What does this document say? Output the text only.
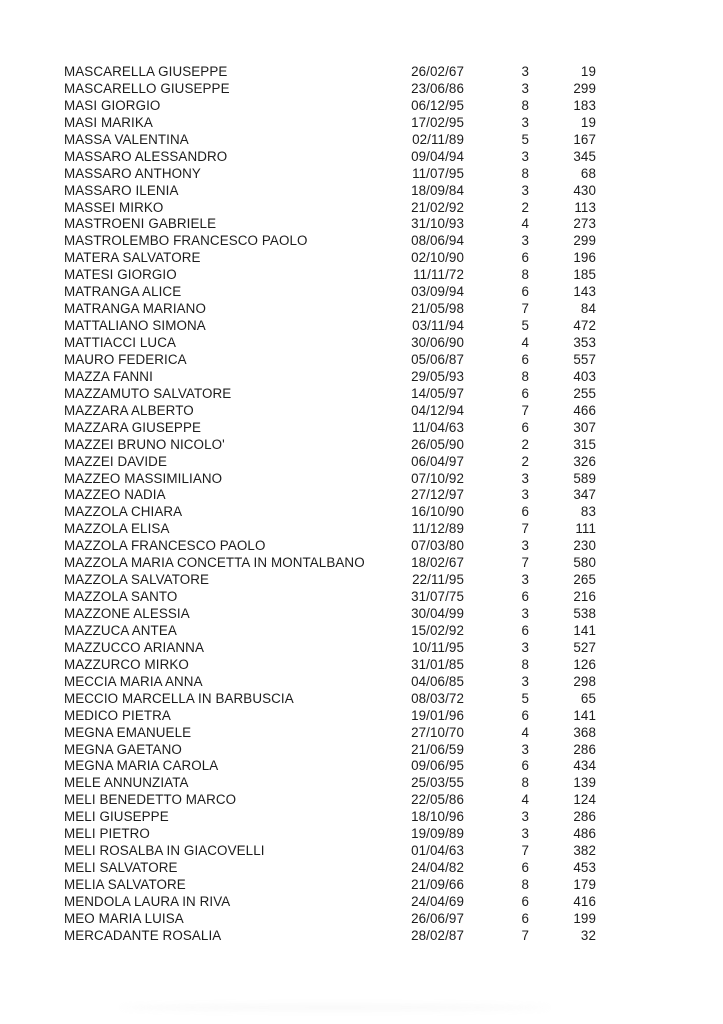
MASCARELLA GIUSEPPE	26/02/67	3	19
MASCARELLO GIUSEPPE	23/06/86	3	299
MASI GIORGIO	06/12/95	8	183
MASI MARIKA	17/02/95	3	19
MASSA VALENTINA	02/11/89	5	167
MASSARO ALESSANDRO	09/04/94	3	345
MASSARO ANTHONY	11/07/95	8	68
MASSARO ILENIA	18/09/84	3	430
MASSEI MIRKO	21/02/92	2	113
MASTROENI GABRIELE	31/10/93	4	273
MASTROLEMBO FRANCESCO PAOLO	08/06/94	3	299
MATERA SALVATORE	02/10/90	6	196
MATESI GIORGIO	11/11/72	8	185
MATRANGA ALICE	03/09/94	6	143
MATRANGA MARIANO	21/05/98	7	84
MATTALIANO SIMONA	03/11/94	5	472
MATTIACCI LUCA	30/06/90	4	353
MAURO FEDERICA	05/06/87	6	557
MAZZA FANNI	29/05/93	8	403
MAZZAMUTO SALVATORE	14/05/97	6	255
MAZZARA ALBERTO	04/12/94	7	466
MAZZARA GIUSEPPE	11/04/63	6	307
MAZZEI BRUNO NICOLO'	26/05/90	2	315
MAZZEI DAVIDE	06/04/97	2	326
MAZZEO MASSIMILIANO	07/10/92	3	589
MAZZEO NADIA	27/12/97	3	347
MAZZOLA CHIARA	16/10/90	6	83
MAZZOLA ELISA	11/12/89	7	111
MAZZOLA FRANCESCO PAOLO	07/03/80	3	230
MAZZOLA MARIA CONCETTA IN MONTALBANO	18/02/67	7	580
MAZZOLA SALVATORE	22/11/95	3	265
MAZZOLA SANTO	31/07/75	6	216
MAZZONE ALESSIA	30/04/99	3	538
MAZZUCA ANTEA	15/02/92	6	141
MAZZUCCO ARIANNA	10/11/95	3	527
MAZZURCO MIRKO	31/01/85	8	126
MECCIA MARIA ANNA	04/06/85	3	298
MECCIO MARCELLA IN BARBUSCIA	08/03/72	5	65
MEDICO PIETRA	19/01/96	6	141
MEGNA EMANUELE	27/10/70	4	368
MEGNA GAETANO	21/06/59	3	286
MEGNA MARIA CAROLA	09/06/95	6	434
MELE ANNUNZIATA	25/03/55	8	139
MELI BENEDETTO MARCO	22/05/86	4	124
MELI GIUSEPPE	18/10/96	3	286
MELI PIETRO	19/09/89	3	486
MELI ROSALBA IN GIACOVELLI	01/04/63	7	382
MELI SALVATORE	24/04/82	6	453
MELIA SALVATORE	21/09/66	8	179
MENDOLA LAURA IN RIVA	24/04/69	6	416
MEO MARIA LUISA	26/06/97	6	199
MERCADANTE ROSALIA	28/02/87	7	32
